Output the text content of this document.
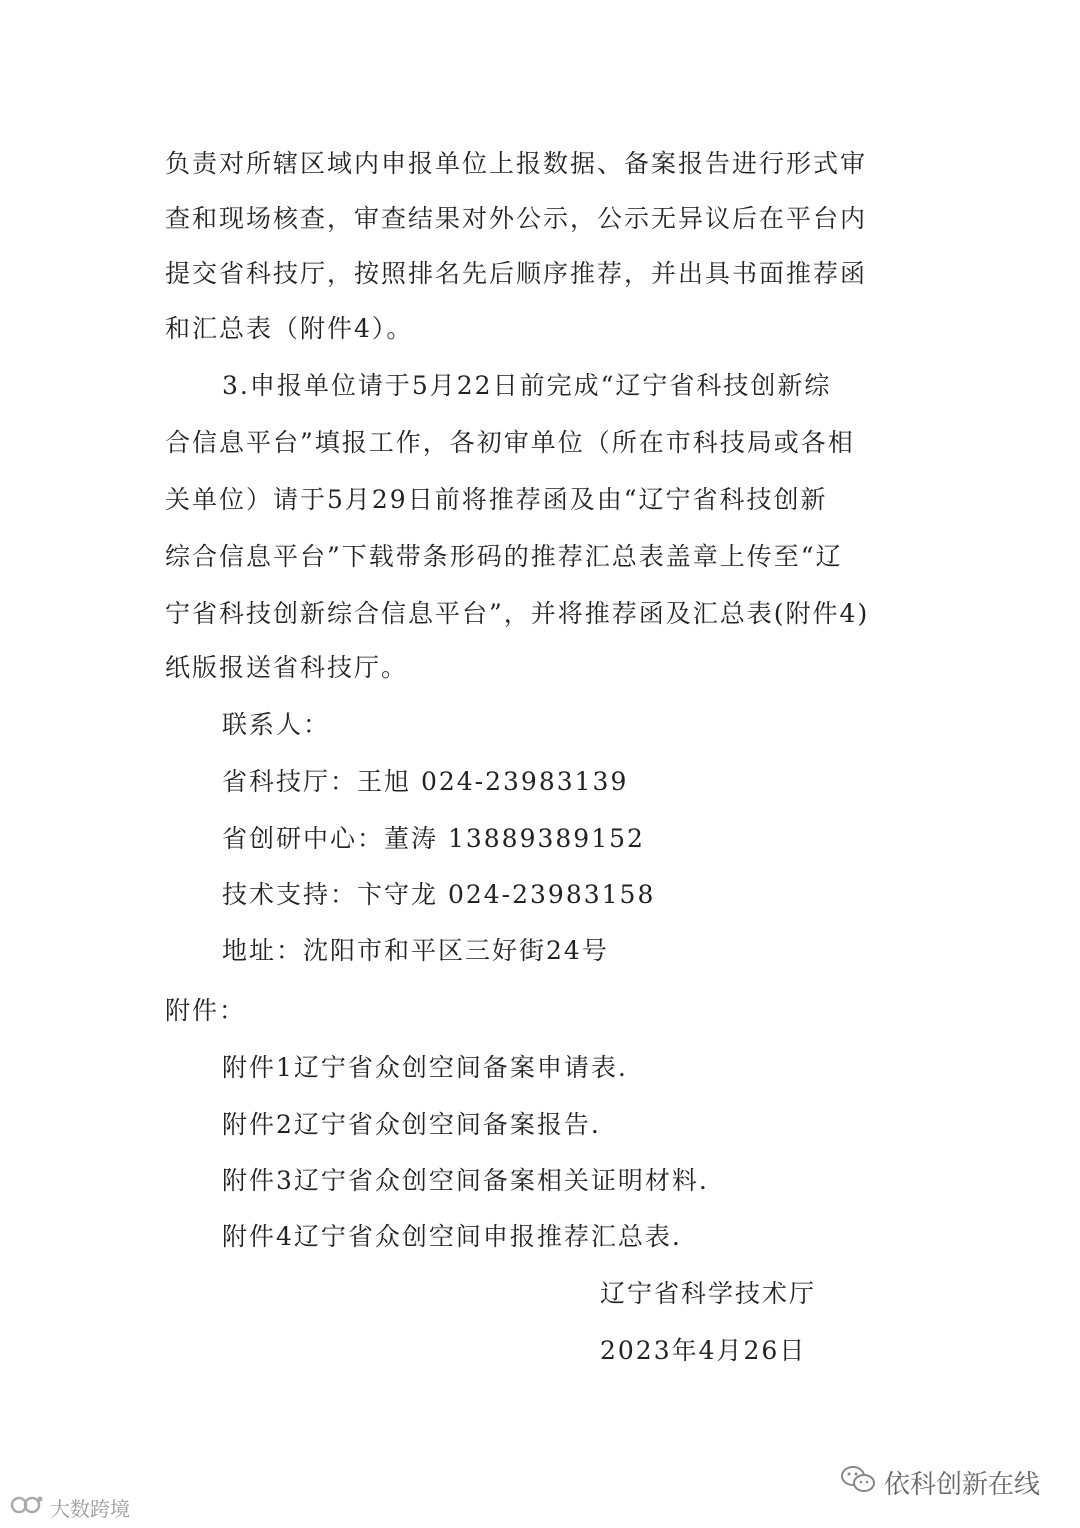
负责对所辖区域内申报单位上报数据、备案报告进行形式审
查和现场核查，审查结果对外公示，公示无异议后在平台内
提交省科技厅，按照排名先后顺序推荐，并出具书面推荐函
和汇总表（附件4）。
3.申报单位请于5月22日前完成“辽宁省科技创新综
合信息平台”填报工作，各初审单位（所在市科技局或各相
关单位）请于5月29日前将推荐函及由“辽宁省科技创新
综合信息平台”下载带条形码的推荐汇总表盖章上传至“辽
宁省科技创新综合信息平台”，并将推荐函及汇总表(附件4)
纸版报送省科技厅。
联系人：
省科技厅：王旭 024-23983139
省创研中心：董涛 13889389152
技术支持：卞守龙 024-23983158
地址：沈阳市和平区三好街24号
附件：
附件1辽宁省众创空间备案申请表.
附件2辽宁省众创空间备案报告.
附件3辽宁省众创空间备案相关证明材料.
附件4辽宁省众创空间申报推荐汇总表.
辽宁省科学技术厅
2023年4月26日
依科创新在线
大数跨境
